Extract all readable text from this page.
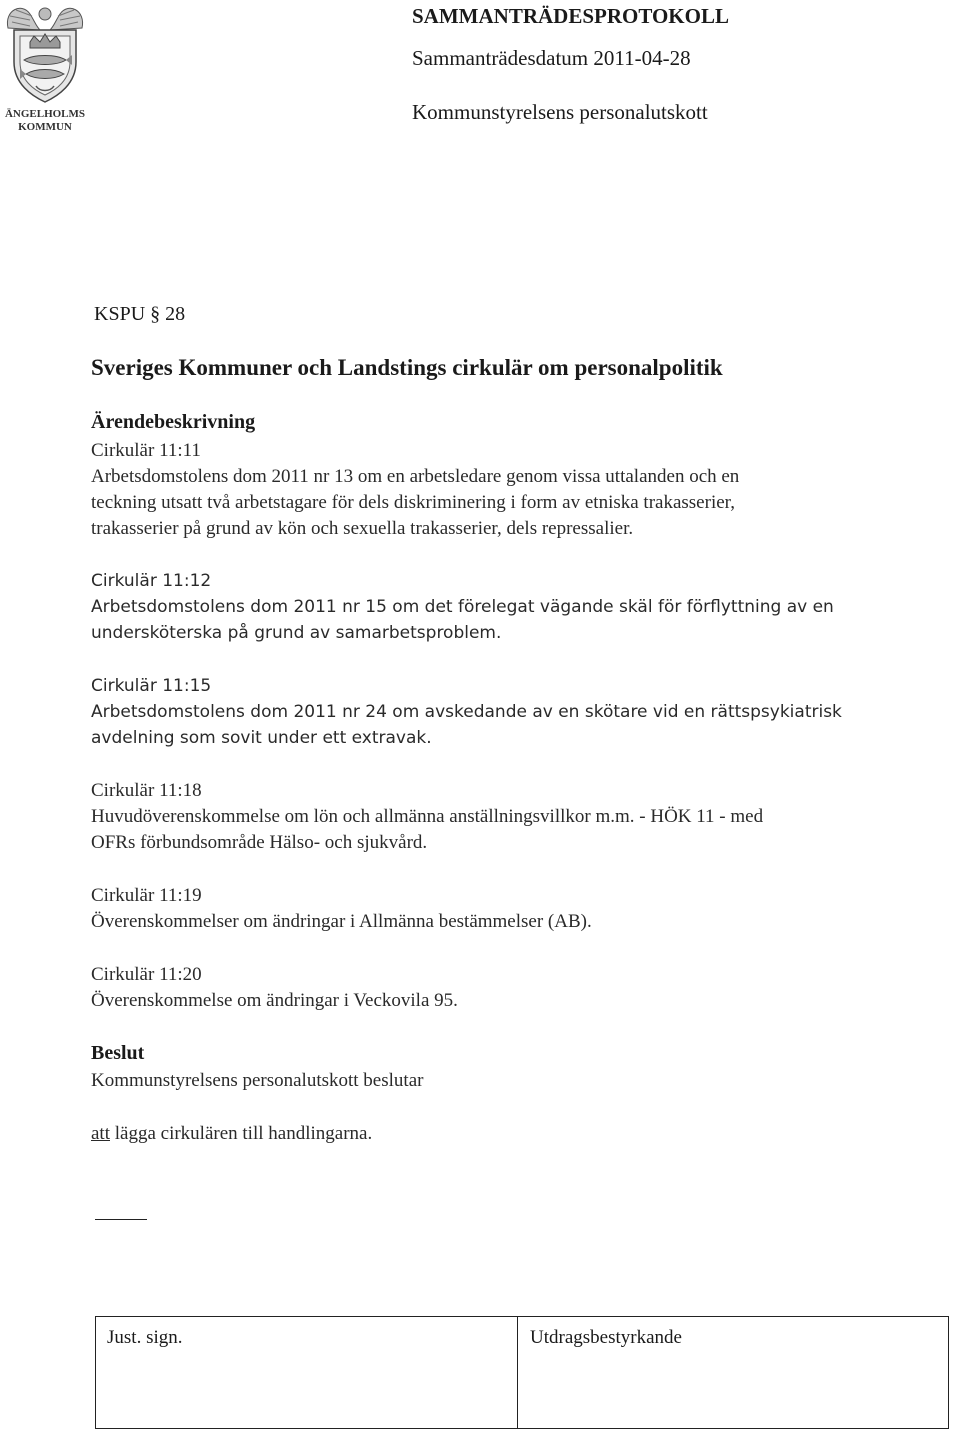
ÄNGELHOLMS
KOMMUN
SAMMANTRÄDESPROTOKOLL
Sammanträdesdatum 2011-04-28
Kommunstyrelsens personalutskott
KSPU § 28
Sveriges Kommuner och Landstings cirkulär om personalpolitik
Ärendebeskrivning
Cirkulär 11:11
Arbetsdomstolens dom 2011 nr 13 om en arbetsledare genom vissa uttalanden och en
teckning utsatt två arbetstagare för dels diskriminering i form av etniska trakasserier,
trakasserier på grund av kön och sexuella trakasserier, dels repressalier.
Cirkulär 11:12
Arbetsdomstolens dom 2011 nr 15 om det förelegat vägande skäl för förflyttning av en
undersköterska på grund av samarbetsproblem.
Cirkulär 11:15
Arbetsdomstolens dom 2011 nr 24 om avskedande av en skötare vid en rättspsykiatrisk
avdelning som sovit under ett extravak.
Cirkulär 11:18
Huvudöverenskommelse om lön och allmänna anställningsvillkor m.m. - HÖK 11 - med
OFRs förbundsområde Hälso- och sjukvård.
Cirkulär 11:19
Överenskommelser om ändringar i Allmänna bestämmelser (AB).
Cirkulär 11:20
Överenskommelse om ändringar i Veckovila 95.
Beslut
Kommunstyrelsens personalutskott beslutar
att lägga cirkulären till handlingarna.
Just. sign.	Utdragsbestyrkande
